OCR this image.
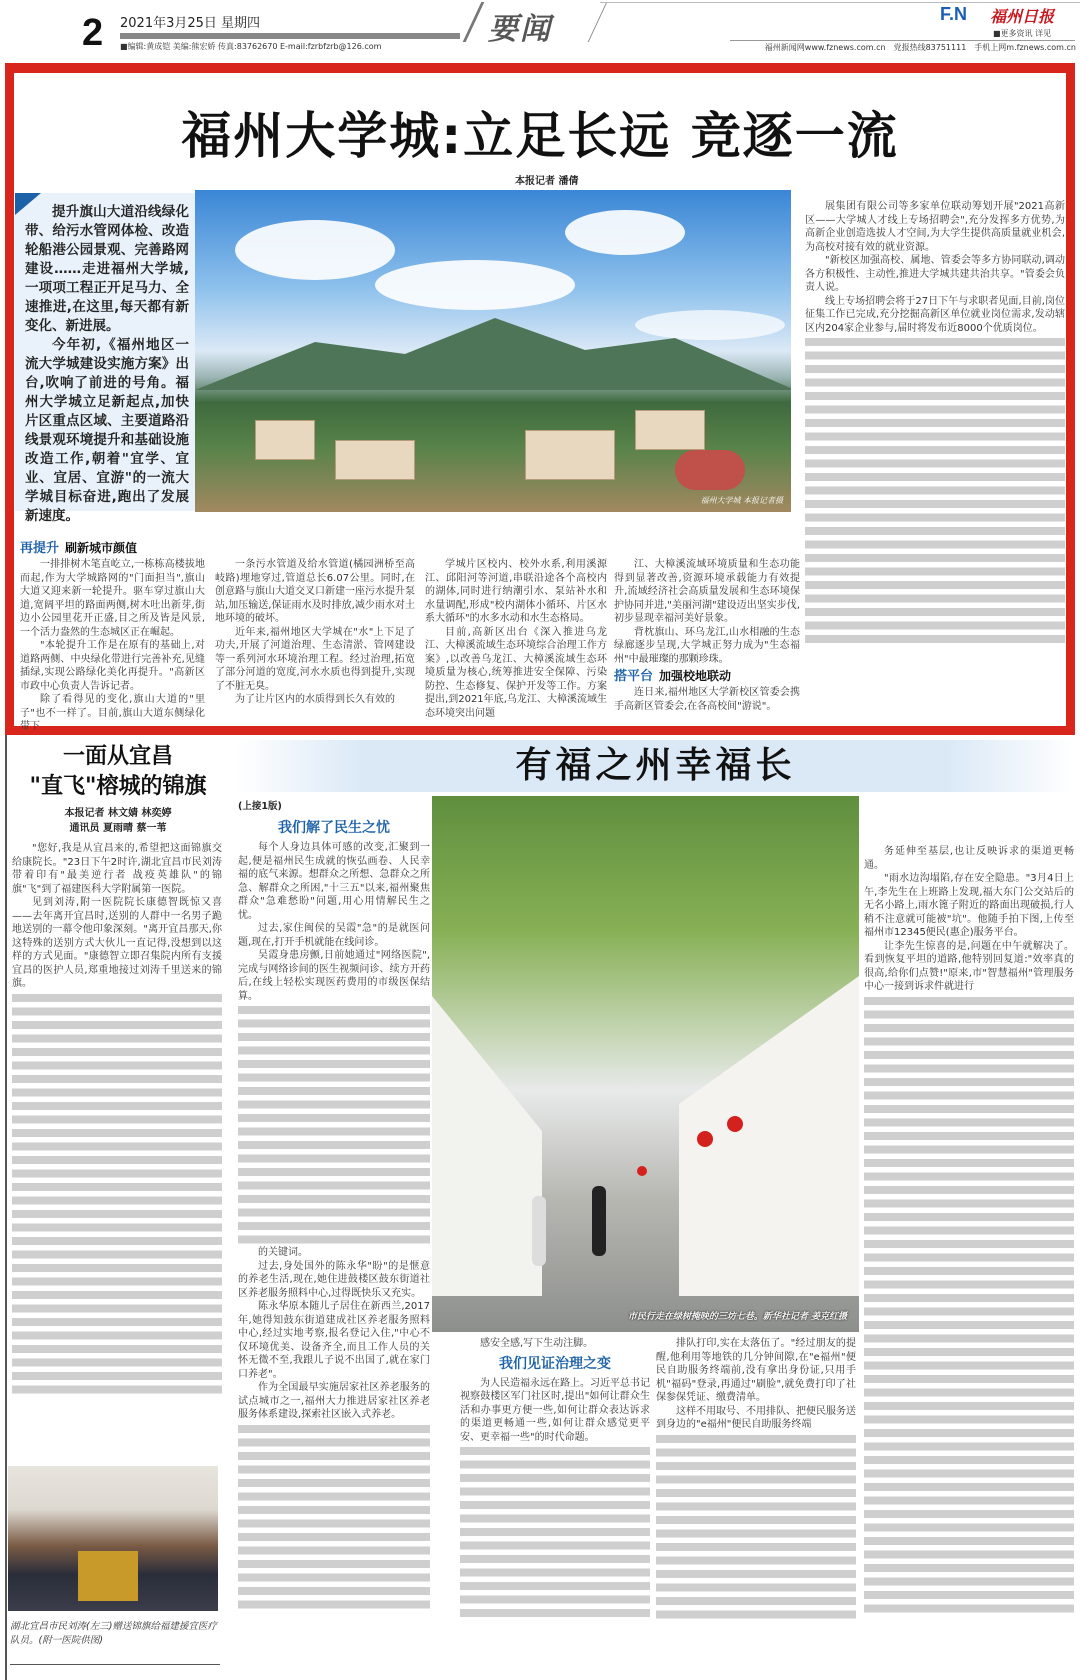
2 2021年3月25日 星期四
■编辑:黄成铠 美编:熊宏娇 传真:83762670 E-mail:fzrbfzrb@126.com	要闻	F.N 福州日报
■更多资讯 详见
福州新闻网www.fznews.com.cn　党报热线83751111　手机上网m.fznews.com.cn
福州大学城:立足长远 竞逐一流
本报记者 潘倩

提升旗山大道沿线绿化带、给污水管网体检、改造轮船港公园景观、完善路网建设……走进福州大学城,一项项工程正开足马力、全速推进,在这里,每天都有新变化、新进展。

今年初,《福州地区一流大学城建设实施方案》出台,吹响了前进的号角。福州大学城立足新起点,加快片区重点区域、主要道路沿线景观环境提升和基础设施改造工作,朝着"宜学、宜业、宜居、宜游"的一流大学城目标奋进,跑出了发展新速度。

福州大学城 本报记者摄

再提升 刷新城市颜值

一排排树木笔直屹立,一栋栋高楼拔地而起,作为大学城路网的"门面担当",旗山大道又迎来新一轮提升。驱车穿过旗山大道,宽阔平坦的路面两侧,树木吐出新芽,街边小公园里花开正盛,目之所及皆是风景,一个活力盎然的生态城区正在崛起。

"本轮提升工作是在原有的基础上,对道路两侧、中央绿化带进行完善补充,见缝插绿,实现公路绿化美化再提升。"高新区市政中心负责人告诉记者。

除了看得见的变化,旗山大道的"里子"也不一样了。目前,旗山大道东侧绿化带下

一条污水管道及给水管道(橘园洲桥至高岐路)埋地穿过,管道总长6.07公里。同时,在创意路与旗山大道交叉口新建一座污水提升泵站,加压输送,保证雨水及时排放,减少雨水对土地环境的破坏。

近年来,福州地区大学城在"水"上下足了功夫,开展了河道治理、生态清淤、管网建设等一系列河水环境治理工程。经过治理,拓宽了部分河道的宽度,河水水质也得到提升,实现了不脏无臭。

为了让片区内的水质得到长久有效的

学城片区校内、校外水系,利用溪源江、邱阳河等河道,串联沿途各个高校内的湖体,同时进行纳潮引水、泵站补水和水量调配,形成"校内湖体小循环、片区水系大循环"的水多水动和水生态格局。

目前,高新区出台《深入推进乌龙江、大樟溪流域生态环境综合治理工作方案》,以改善乌龙江、大樟溪流域生态环境质量为核心,统筹推进安全保障、污染防控、生态修复、保护开发等工作。方案提出,到2021年底,乌龙江、大樟溪流域生态环境突出问题

江、大樟溪流域环境质量和生态功能得到显著改善,资源环境承载能力有效提升,流域经济社会高质量发展和生态环境保护协同并进,"美丽河湖"建设迈出坚实步伐,初步显现幸福河美好景象。

背枕旗山、环乌龙江,山水相融的生态绿廊逐步呈现,大学城正努力成为"生态福州"中最璀璨的那颗珍珠。

搭平台 加强校地联动

连日来,福州地区大学新校区管委会携手高新区管委会,在各高校间"游说"。

展集团有限公司等多家单位联动筹划开展"2021高新区——大学城人才线上专场招聘会",充分发挥多方优势,为高新企业创造选拔人才空间,为大学生提供高质量就业机会,为高校对接有效的就业资源。

"新校区加强高校、属地、管委会等多方协同联动,调动各方积极性、主动性,推进大学城共建共治共享。"管委会负责人说。

线上专场招聘会将于27日下午与求职者见面,目前,岗位征集工作已完成,充分挖掘高新区单位就业岗位需求,发动辖区内204家企业参与,届时将发布近8000个优质岗位。

一面从宜昌
"直飞"榕城的锦旗
本报记者 林文婧 林奕婷
通讯员 夏雨晴 蔡一苇

"您好,我是从宜昌来的,希望把这面锦旗交给康院长。"23日下午2时许,湖北宜昌市民刘涛带着印有"最美逆行者 战疫英雄队"的锦旗"飞"到了福建医科大学附属第一医院。

见到刘涛,附一医院院长康德智既惊又喜——去年离开宜昌时,送别的人群中一名男子跪地送别的一幕令他印象深刻。"离开宜昌那天,你这特殊的送别方式大伙儿一直记得,没想到以这样的方式见面。"康德智立即召集院内所有支援宜昌的医护人员,郑重地接过刘涛千里送来的锦旗。

湖北宜昌市民刘涛(左三)赠送锦旗给福建援宜医疗队员。(附一医院供图)
有福之州幸福长
(上接1版)

我们解了民生之忧

每个人身边具体可感的改变,汇聚到一起,便是福州民生成就的恢弘画卷、人民幸福的底气来源。想群众之所想、急群众之所急、解群众之所困,"十三五"以来,福州聚焦群众"急难愁盼"问题,用心用情解民生之忧。

过去,家住闽侯的吴霞"急"的是就医问题,现在,打开手机就能在线问诊。

吴霞身患房颤,日前她通过"网络医院",完成与网络诊间的医生视频问诊、续方开药后,在线上轻松实现医药费用的市级医保结算。

的关键词。

过去,身处国外的陈永华"盼"的是惬意的养老生活,现在,她住进鼓楼区鼓东街道社区养老服务照料中心,过得既快乐又充实。

陈永华原本随儿子居住在新西兰,2017年,她得知鼓东街道建成社区养老服务照料中心,经过实地考察,报名登记入住,"中心不仅环境优美、设备齐全,而且工作人员的关怀无微不至,我跟儿子说不出国了,就在家门口养老"。

作为全国最早实施居家社区养老服务的试点城市之一,福州大力推进居家社区养老服务体系建设,探索社区嵌入式养老。

市民行走在绿树掩映的三坊七巷。新华社记者 姜克红摄

感安全感,写下生动注脚。

我们见证治理之变

为人民造福永远在路上。习近平总书记视察鼓楼区军门社区时,提出"如何让群众生活和办事更方便一些,如何让群众表达诉求的渠道更畅通一些,如何让群众感觉更平安、更幸福一些"的时代命题。

排队打印,实在太落伍了。"经过朋友的提醒,他利用等地铁的几分钟间隙,在"e福州"便民自助服务终端前,没有拿出身份证,只用手机"福码"登录,再通过"刷脸",就免费打印了社保参保凭证、缴费清单。

这样不用取号、不用排队、把便民服务送到身边的"e福州"便民自助服务终端

务延伸至基层,也让反映诉求的渠道更畅通。

"雨水边沟塌陷,存在安全隐患。"3月4日上午,李先生在上班路上发现,福大东门公交站后的无名小路上,雨水篦子附近的路面出现破损,行人稍不注意就可能被"坑"。他随手拍下图,上传至福州市12345便民(惠企)服务平台。

让李先生惊喜的是,问题在中午就解决了。看到恢复平坦的道路,他特别回复道:"效率真的很高,给你们点赞!"原来,市"智慧福州"管理服务中心一接到诉求件就进行
